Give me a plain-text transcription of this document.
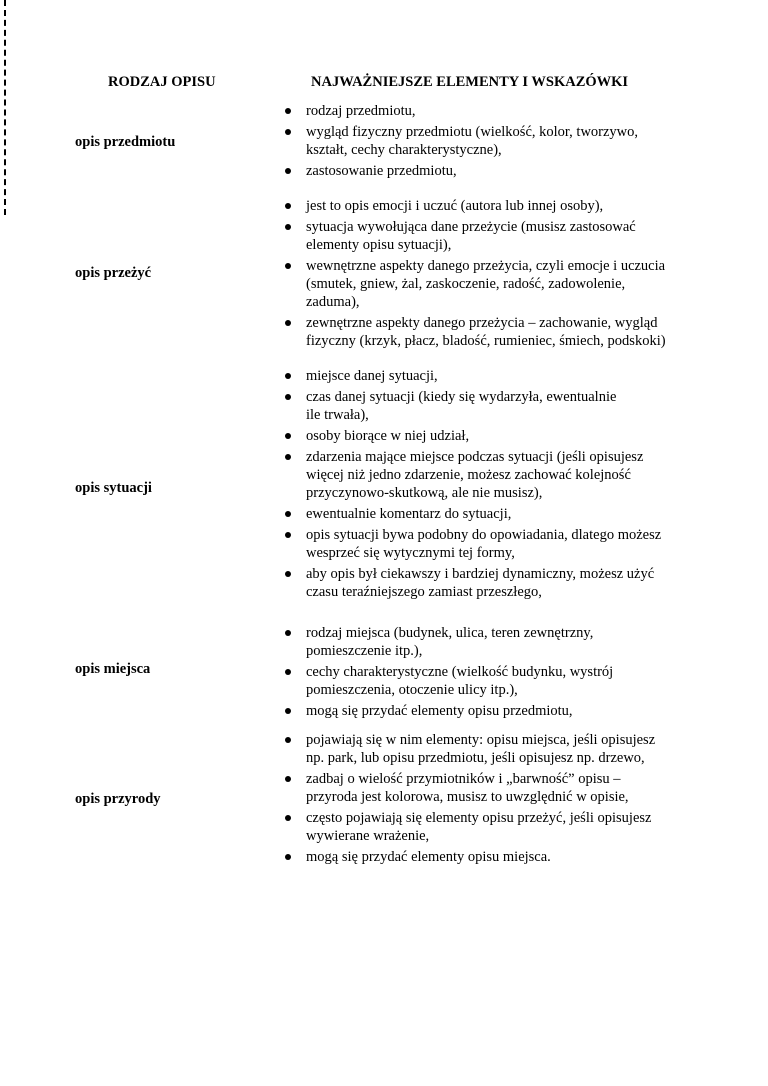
RODZAJ OPISU	NAJWAŻNIEJSZE ELEMENTY I WSKAZÓWKI
opis przedmiotu
rodzaj przedmiotu,
wygląd fizyczny przedmiotu (wielkość, kolor, tworzywo,
kształt, cechy charakterystyczne),
zastosowanie przedmiotu,
opis przeżyć
jest to opis emocji i uczuć (autora lub innej osoby),
sytuacja wywołująca dane przeżycie (musisz zastosować
elementy opisu sytuacji),
wewnętrzne aspekty danego przeżycia, czyli emocje i uczucia
(smutek, gniew, żal, zaskoczenie, radość, zadowolenie,
zaduma),
zewnętrzne aspekty danego przeżycia – zachowanie, wygląd
fizyczny (krzyk, płacz, bladość, rumieniec, śmiech, podskoki)
opis sytuacji
miejsce danej sytuacji,
czas danej sytuacji (kiedy się wydarzyła, ewentualnie
ile trwała),
osoby biorące w niej udział,
zdarzenia mające miejsce podczas sytuacji (jeśli opisujesz
więcej niż jedno zdarzenie, możesz zachować kolejność
przyczynowo-skutkową, ale nie musisz),
ewentualnie komentarz do sytuacji,
opis sytuacji bywa podobny do opowiadania, dlatego możesz
wesprzeć się wytycznymi tej formy,
aby opis był ciekawszy i bardziej dynamiczny, możesz użyć
czasu teraźniejszego zamiast przeszłego,
opis miejsca
rodzaj miejsca (budynek, ulica, teren zewnętrzny,
pomieszczenie itp.),
cechy charakterystyczne (wielkość budynku, wystrój
pomieszczenia, otoczenie ulicy itp.),
mogą się przydać elementy opisu przedmiotu,
opis przyrody
pojawiają się w nim elementy: opisu miejsca, jeśli opisujesz
np. park, lub opisu przedmiotu, jeśli opisujesz np. drzewo,
zadbaj o wielość przymiotników i „barwność” opisu –
przyroda jest kolorowa, musisz to uwzględnić w opisie,
często pojawiają się elementy opisu przeżyć, jeśli opisujesz
wywierane wrażenie,
mogą się przydać elementy opisu miejsca.
